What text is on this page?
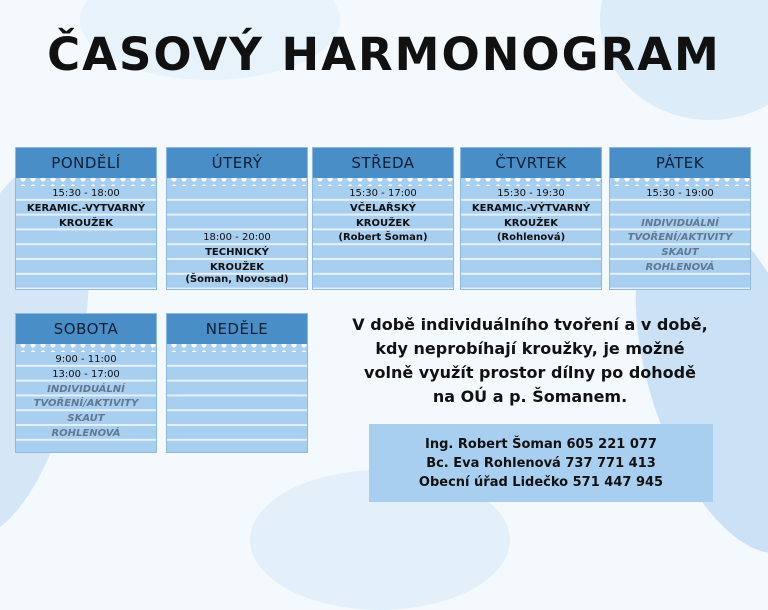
ČASOVÝ HARMONOGRAM
PONDĚLÍ
15:30 - 18:00
KERAMIC.-VYTVARNÝ
KROUŽEK
ÚTERÝ
18:00 - 20:00
TECHNICKÝ
KROUŽEK
(Šoman, Novosad)
STŘEDA
15:30 - 17:00
VČELAŘSKÝ
KROUŽEK
(Robert Šoman)
ČTVRTEK
15:30 - 19:30
KERAMIC.-VÝTVARNÝ
KROUŽEK
(Rohlenová)
PÁTEK
15:30 - 19:00
INDIVIDUÁLNÍ
TVOŘENÍ/AKTIVITY
SKAUT
ROHLENOVÁ
SOBOTA
9:00 - 11:00
13:00 - 17:00
INDIVIDUÁLNÍ
TVOŘENÍ/AKTIVITY
SKAUT
ROHLENOVÁ
NEDĚLE	V době individuálního tvoření a v době,
kdy neprobíhají kroužky, je možné
volně využít prostor dílny po dohodě
na OÚ a p. Šomanem.
Ing. Robert Šoman 605 221 077
Bc. Eva Rohlenová 737 771 413
Obecní úřad Lidečko 571 447 945
